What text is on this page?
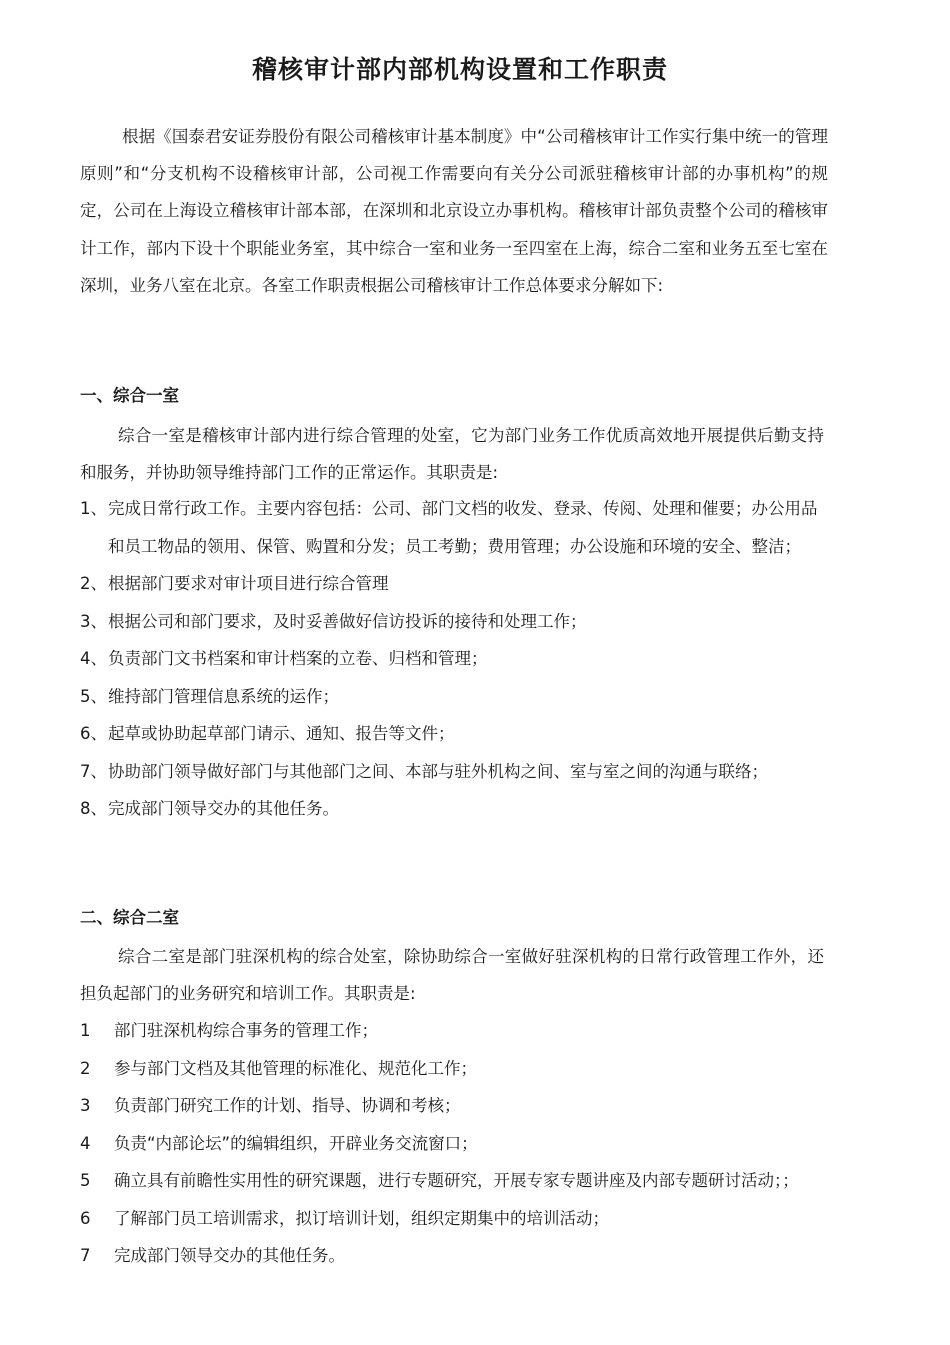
稽核审计部内部机构设置和工作职责

根据《国泰君安证券股份有限公司稽核审计基本制度》中“公司稽核审计工作实行集中统一的管理原则”和“分支机构不设稽核审计部，公司视工作需要向有关分公司派驻稽核审计部的办事机构”的规定，公司在上海设立稽核审计部本部，在深圳和北京设立办事机构。稽核审计部负责整个公司的稽核审计工作，部内下设十个职能业务室，其中综合一室和业务一至四室在上海，综合二室和业务五至七室在深圳，业务八室在北京。各室工作职责根据公司稽核审计工作总体要求分解如下:

一、综合一室

综合一室是稽核审计部内进行综合管理的处室，它为部门业务工作优质高效地开展提供后勤支持和服务，并协助领导维持部门工作的正常运作。其职责是:

1、 完成日常行政工作。主要内容包括：公司、部门文档的收发、登录、传阅、处理和催要；办公用品和员工物品的领用、保管、购置和分发；员工考勤；费用管理；办公设施和环境的安全、整洁；
2、 根据部门要求对审计项目进行综合管理
3、 根据公司和部门要求，及时妥善做好信访投诉的接待和处理工作；
4、 负责部门文书档案和审计档案的立卷、归档和管理；
5、 维持部门管理信息系统的运作；
6、 起草或协助起草部门请示、通知、报告等文件；
7、 协助部门领导做好部门与其他部门之间、本部与驻外机构之间、室与室之间的沟通与联络；
8、 完成部门领导交办的其他任务。
二、综合二室

综合二室是部门驻深机构的综合处室，除协助综合一室做好驻深机构的日常行政管理工作外，还担负起部门的业务研究和培训工作。其职责是:

1	部门驻深机构综合事务的管理工作；
2	参与部门文档及其他管理的标准化、规范化工作；
3	负责部门研究工作的计划、指导、协调和考核；
4	负责“内部论坛”的编辑组织，开辟业务交流窗口；
5	确立具有前瞻性实用性的研究课题，进行专题研究，开展专家专题讲座及内部专题研讨活动；；
6	了解部门员工培训需求，拟订培训计划，组织定期集中的培训活动；
7	完成部门领导交办的其他任务。
